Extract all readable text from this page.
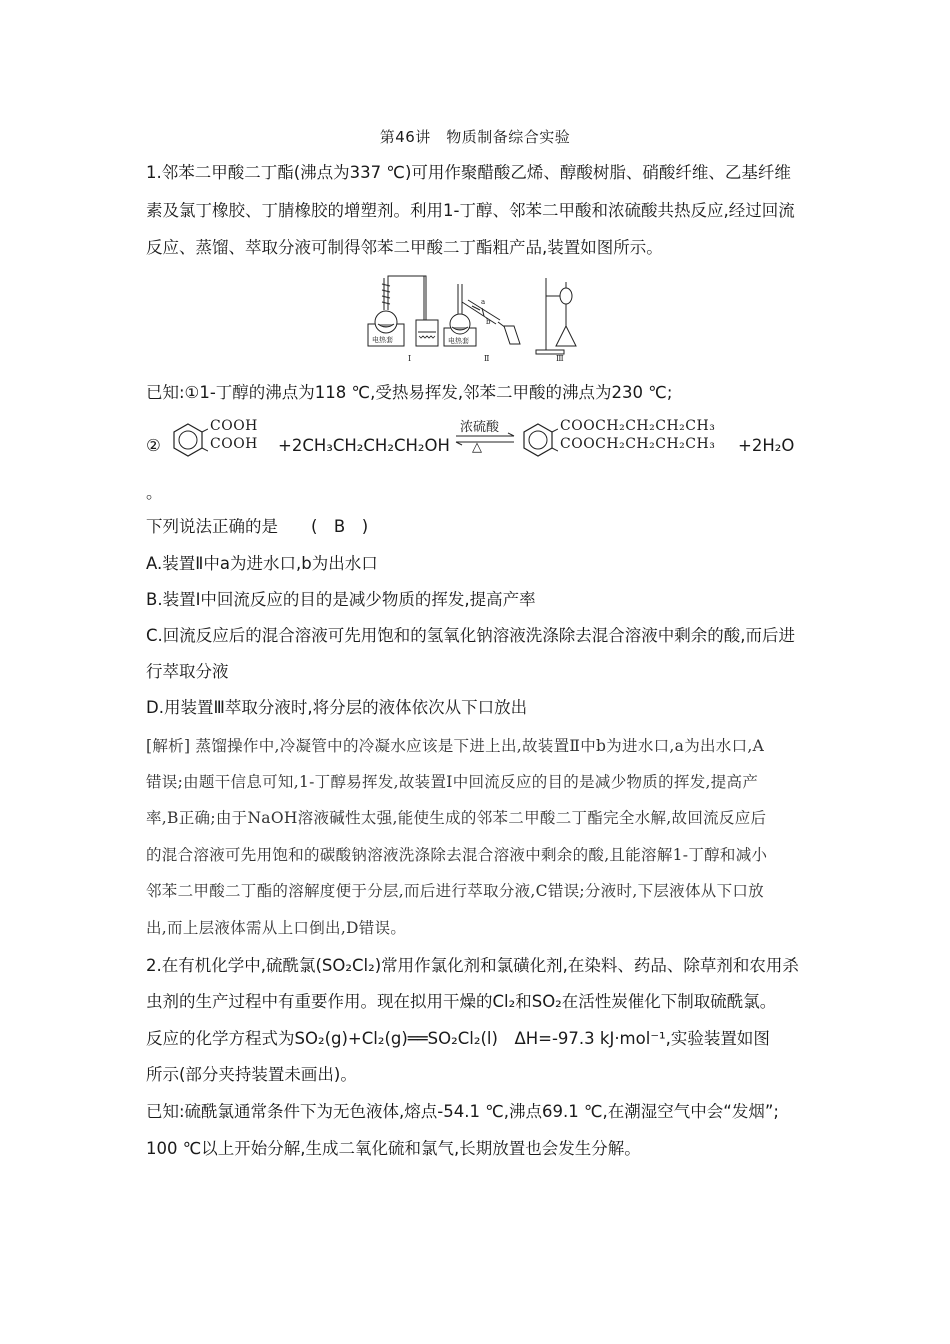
第46讲　物质制备综合实验
1.邻苯二甲酸二丁酯(沸点为337 ℃)可用作聚醋酸乙烯、醇酸树脂、硝酸纤维、乙基纤维
素及氯丁橡胶、丁腈橡胶的增塑剂。利用1-丁醇、邻苯二甲酸和浓硫酸共热反应,经过回流
反应、蒸馏、萃取分液可制得邻苯二甲酸二丁酯粗产品,装置如图所示。
电热套	电热套
a
b
Ⅰ	Ⅱ	Ⅲ
已知:①1-丁醇的沸点为118 ℃,受热易挥发,邻苯二甲酸的沸点为230 ℃;
②
COOH
COOH +2CH₃CH₂CH₂CH₂OH
浓硫酸
△
COOCH₂CH₂CH₂CH₃
COOCH₂CH₂CH₂CH₃ +2H₂O
。
下列说法正确的是　　(　B　)
A.装置Ⅱ中a为进水口,b为出水口
B.装置Ⅰ中回流反应的目的是减少物质的挥发,提高产率
C.回流反应后的混合溶液可先用饱和的氢氧化钠溶液洗涤除去混合溶液中剩余的酸,而后进
行萃取分液
D.用装置Ⅲ萃取分液时,将分层的液体依次从下口放出
[解析] 蒸馏操作中,冷凝管中的冷凝水应该是下进上出,故装置Ⅱ中b为进水口,a为出水口,A
错误;由题干信息可知,1-丁醇易挥发,故装置Ⅰ中回流反应的目的是减少物质的挥发,提高产
率,B正确;由于NaOH溶液碱性太强,能使生成的邻苯二甲酸二丁酯完全水解,故回流反应后
的混合溶液可先用饱和的碳酸钠溶液洗涤除去混合溶液中剩余的酸,且能溶解1-丁醇和减小
邻苯二甲酸二丁酯的溶解度便于分层,而后进行萃取分液,C错误;分液时,下层液体从下口放
出,而上层液体需从上口倒出,D错误。
2.在有机化学中,硫酰氯(SO₂Cl₂)常用作氯化剂和氯磺化剂,在染料、药品、除草剂和农用杀
虫剂的生产过程中有重要作用。现在拟用干燥的Cl₂和SO₂在活性炭催化下制取硫酰氯。
反应的化学方程式为SO₂(g)+Cl₂(g)══SO₂Cl₂(l)　ΔH=-97.3 kJ·mol⁻¹,实验装置如图
所示(部分夹持装置未画出)。
已知:硫酰氯通常条件下为无色液体,熔点-54.1 ℃,沸点69.1 ℃,在潮湿空气中会“发烟”;
100 ℃以上开始分解,生成二氧化硫和氯气,长期放置也会发生分解。
